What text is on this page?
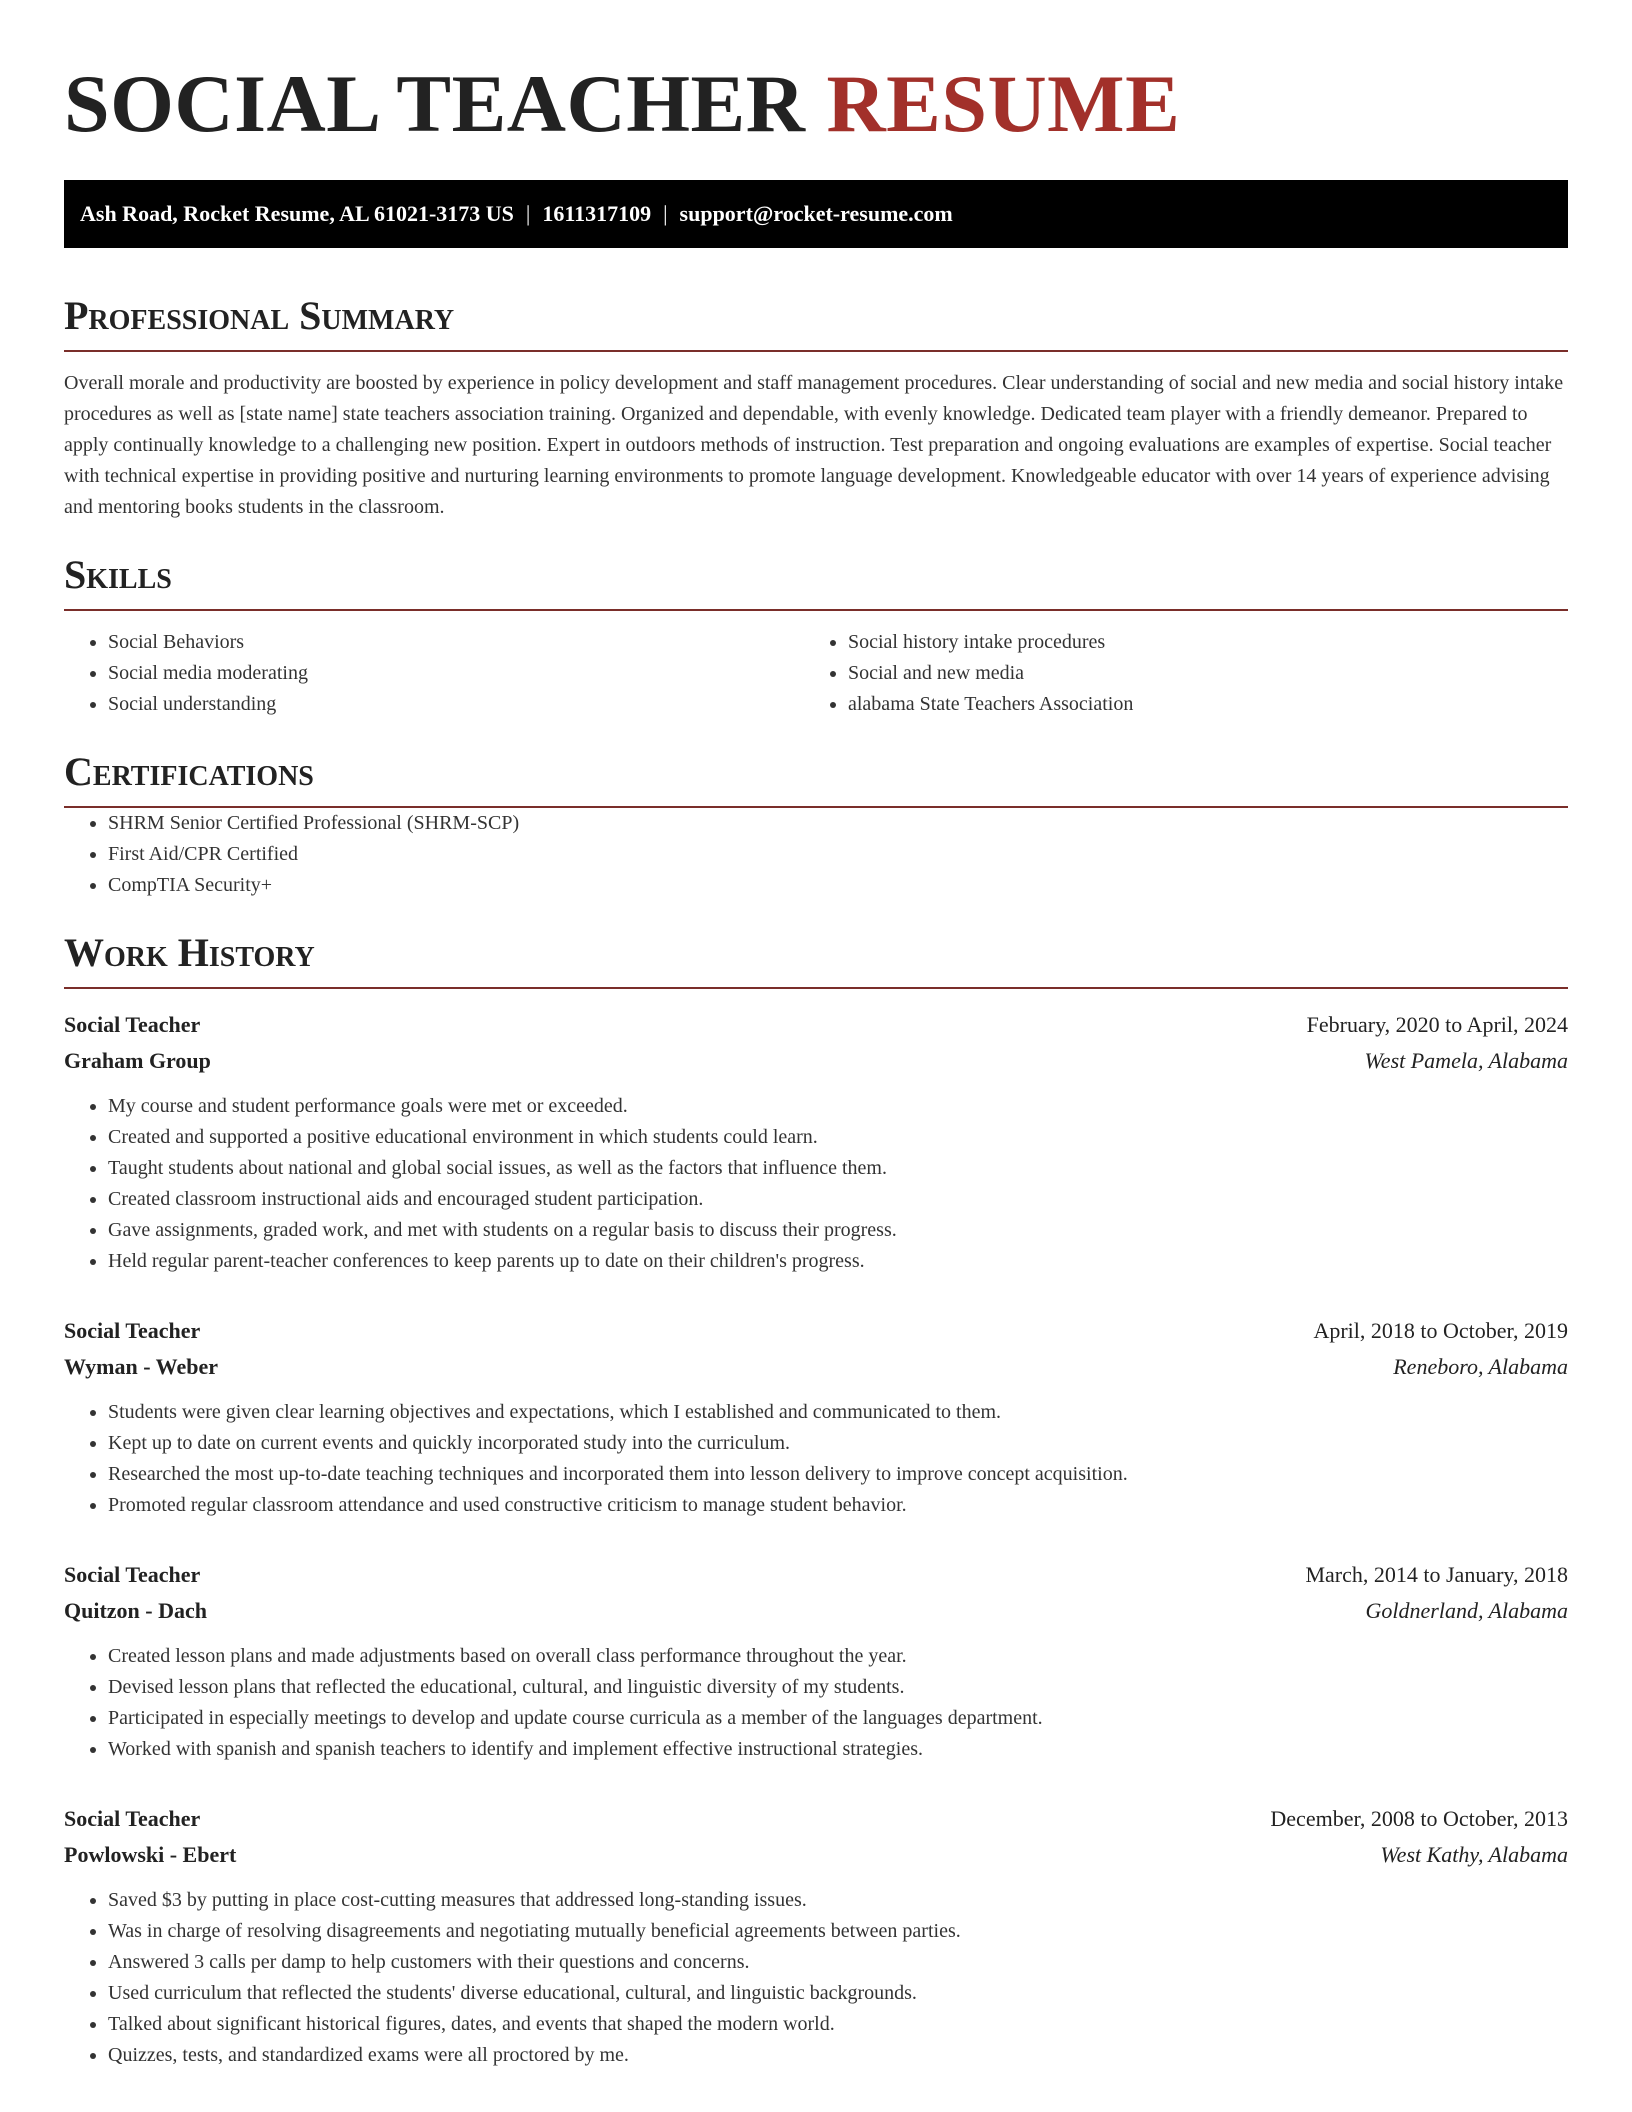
SOCIAL TEACHER RESUME
Ash Road, Rocket Resume, AL 61021-3173 US | 1611317109 | support@rocket-resume.com
Professional Summary

Overall morale and productivity are boosted by experience in policy development and staff management procedures. Clear understanding of social and new media and social history intake procedures as well as [state name] state teachers association training. Organized and dependable, with evenly knowledge. Dedicated team player with a friendly demeanor. Prepared to apply continually knowledge to a challenging new position. Expert in outdoors methods of instruction. Test preparation and ongoing evaluations are examples of expertise. Social teacher with technical expertise in providing positive and nurturing learning environments to promote language development. Knowledgeable educator with over 14 years of experience advising and mentoring books students in the classroom.

Skills
• Social Behaviors
• Social media moderating
• Social understanding
• Social history intake procedures
• Social and new media
• alabama State Teachers Association
Certifications
• SHRM Senior Certified Professional (SHRM-SCP)
• First Aid/CPR Certified
• CompTIA Security+
Work History
Social Teacher	February, 2020 to April, 2024
Graham Group	West Pamela, Alabama
• My course and student performance goals were met or exceeded.
• Created and supported a positive educational environment in which students could learn.
• Taught students about national and global social issues, as well as the factors that influence them.
• Created classroom instructional aids and encouraged student participation.
• Gave assignments, graded work, and met with students on a regular basis to discuss their progress.
• Held regular parent-teacher conferences to keep parents up to date on their children's progress.
Social Teacher	April, 2018 to October, 2019
Wyman - Weber	Reneboro, Alabama
• Students were given clear learning objectives and expectations, which I established and communicated to them.
• Kept up to date on current events and quickly incorporated study into the curriculum.
• Researched the most up-to-date teaching techniques and incorporated them into lesson delivery to improve concept acquisition.
• Promoted regular classroom attendance and used constructive criticism to manage student behavior.
Social Teacher	March, 2014 to January, 2018
Quitzon - Dach	Goldnerland, Alabama
• Created lesson plans and made adjustments based on overall class performance throughout the year.
• Devised lesson plans that reflected the educational, cultural, and linguistic diversity of my students.
• Participated in especially meetings to develop and update course curricula as a member of the languages department.
• Worked with spanish and spanish teachers to identify and implement effective instructional strategies.
Social Teacher	December, 2008 to October, 2013
Powlowski - Ebert	West Kathy, Alabama
• Saved $3 by putting in place cost-cutting measures that addressed long-standing issues.
• Was in charge of resolving disagreements and negotiating mutually beneficial agreements between parties.
• Answered 3 calls per damp to help customers with their questions and concerns.
• Used curriculum that reflected the students' diverse educational, cultural, and linguistic backgrounds.
• Talked about significant historical figures, dates, and events that shaped the modern world.
• Quizzes, tests, and standardized exams were all proctored by me.
